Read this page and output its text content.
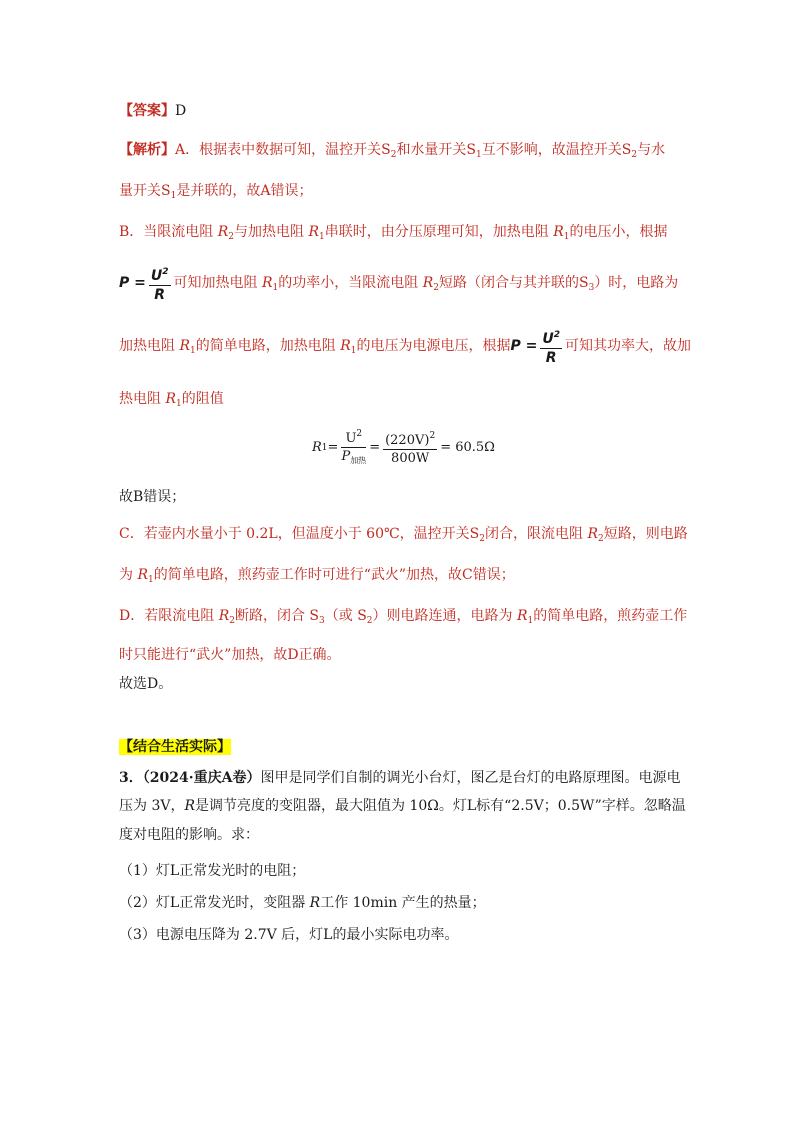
【答案】D
【解析】A．根据表中数据可知，温控开关$S_2$和水量开关$S_1$互不影响，故温控开关$S_2$与水
量开关$S_1$是并联的，故A错误；
B．当限流电阻 $R_2$与加热电阻 $R_1$串联时，由分压原理可知，加热电阻 $R_1$的电压小，根据
$P = \frac{U^2}{R}$ 可知加热电阻 $R_1$的功率小，当限流电阻 $R_2$短路（闭合与其并联的$S_3$）时，电路为
加热电阻 $R_1$的简单电路，加热电阻 $R_1$的电压为电源电压，根据$P = \frac{U^2}{R}$ 可知其功率大，故加
热电阻 $R_1$的阻值
R $1 = \frac{U^2}{P_{加热}} = \frac{(220V)^2}{800W} = 60.5\Omega$
故B错误；
C．若壶内水量小于 0.2L，但温度小于 60℃，温控开关$S_2$闭合，限流电阻 $R_2$短路，则电路
为 $R_1$的简单电路，煎药壶工作时可进行“武火”加热，故C错误；
D．若限流电阻 $R_2$断路，闭合 $S_3$（或 $S_2$）则电路连通，电路为 $R_1$的简单电路，煎药壶工作
时只能进行“武火”加热，故D正确。
故选D。
【结合生活实际】
3．（2024·重庆A卷）图甲是同学们自制的调光小台灯，图乙是台灯的电路原理图。电源电
压为 3V，R是调节亮度的变阻器，最大阻值为 10Ω。灯L标有“2.5V；0.5W”字样。忽略温
度对电阻的影响。求：
（1）灯L正常发光时的电阻；
（2）灯L正常发光时，变阻器 R工作 10min 产生的热量；
（3）电源电压降为 2.7V 后，灯L的最小实际电功率。
